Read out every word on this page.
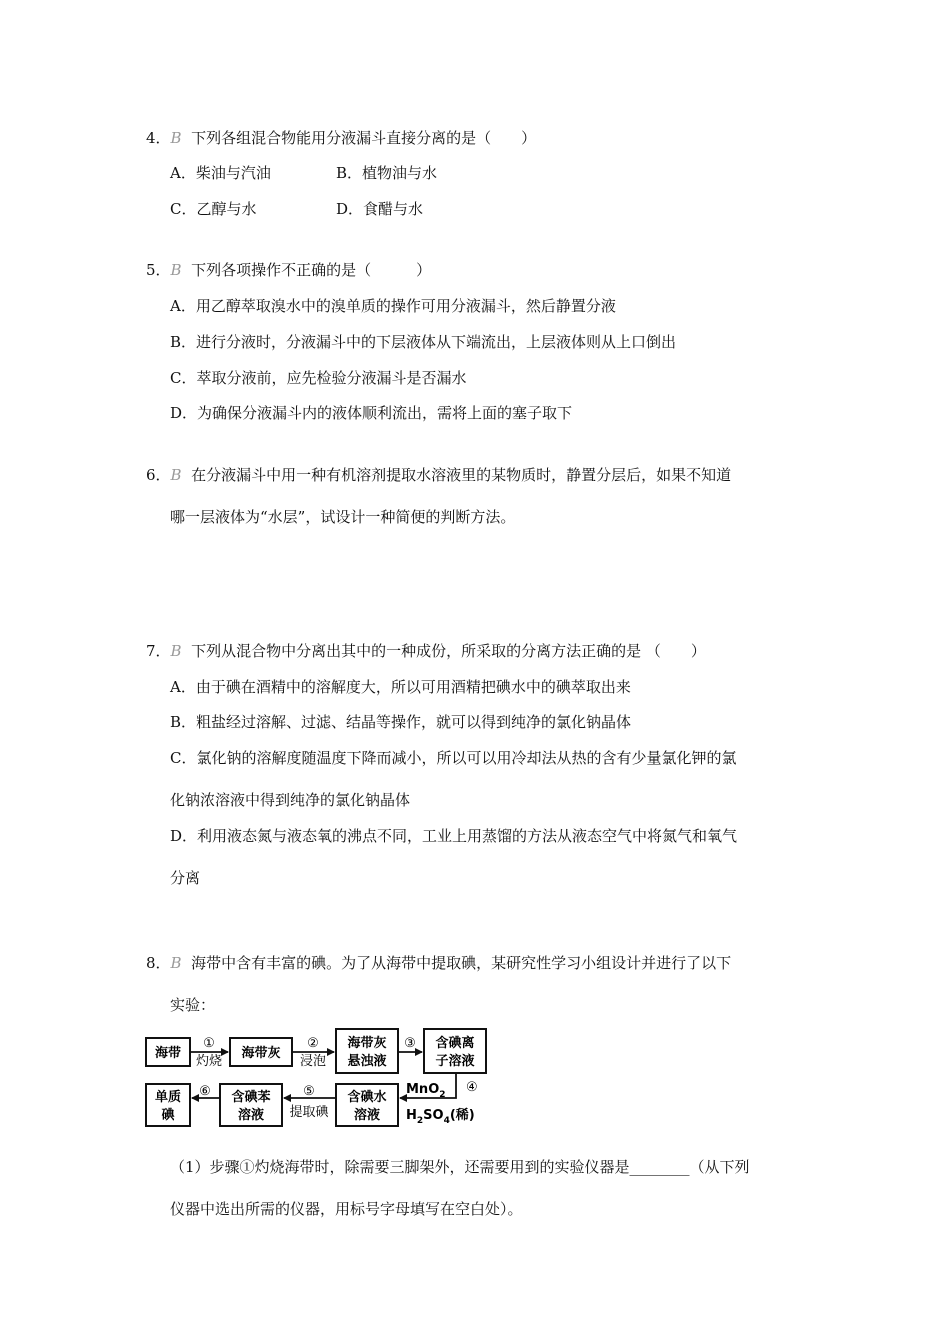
4．B 下列各组混合物能用分液漏斗直接分离的是（　　）
A．柴油与汽油	B．植物油与水
C．乙醇与水	D．食醋与水
5．B 下列各项操作不正确的是（　　　）
A．用乙醇萃取溴水中的溴单质的操作可用分液漏斗，然后静置分液
B．进行分液时，分液漏斗中的下层液体从下端流出，上层液体则从上口倒出
C．萃取分液前，应先检验分液漏斗是否漏水
D．为确保分液漏斗内的液体顺利流出，需将上面的塞子取下
6．B 在分液漏斗中用一种有机溶剂提取水溶液里的某物质时，静置分层后，如果不知道
哪一层液体为“水层”，试设计一种简便的判断方法。
7．B 下列从混合物中分离出其中的一种成份，所采取的分离方法正确的是 （　　）
A．由于碘在酒精中的溶解度大，所以可用酒精把碘水中的碘萃取出来
B．粗盐经过溶解、过滤、结晶等操作，就可以得到纯净的氯化钠晶体
C．氯化钠的溶解度随温度下降而减小，所以可以用冷却法从热的含有少量氯化钾的氯
化钠浓溶液中得到纯净的氯化钠晶体
D．利用液态氮与液态氧的沸点不同，工业上用蒸馏的方法从液态空气中将氮气和氧气
分离
8．B 海带中含有丰富的碘。为了从海带中提取碘，某研究性学习小组设计并进行了以下
实验：
海带	海带灰
海带灰
悬浊液
含碘离
子溶液
含碘水
溶液
含碘苯
溶液
单质
碘
①
灼烧
②
浸泡
③
④
⑤
提取碘
⑥	MnO$_2$
$H_2SO_4$(稀)
（1）步骤①灼烧海带时，除需要三脚架外，还需要用到的实验仪器是________（从下列
仪器中选出所需的仪器，用标号字母填写在空白处）。
